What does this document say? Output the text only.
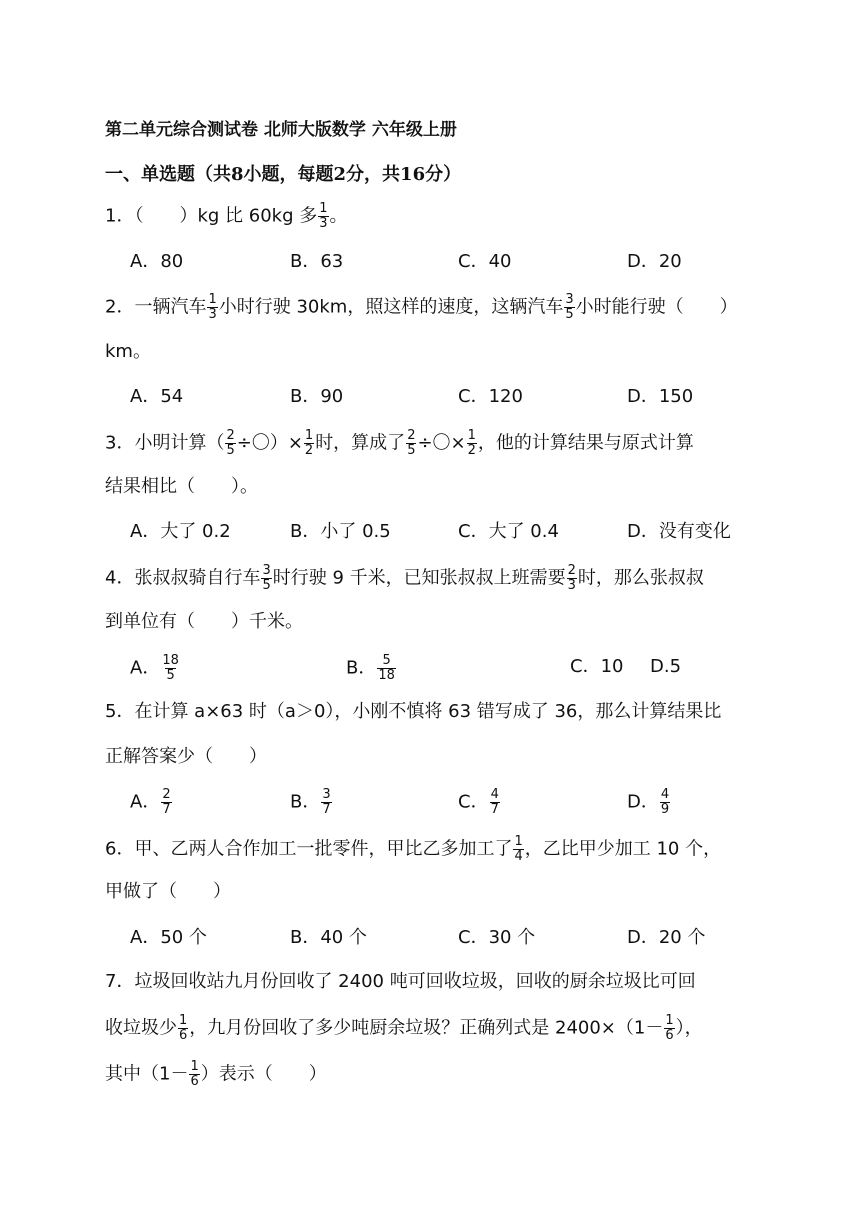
第二单元综合测试卷 北师大版数学 六年级上册
一、单选题（共8小题，每题2分，共16分）
1．（　　）kg 比 60kg 多 $\frac{1}{3}$ 。
A．80	B．63	C．40	D．20
2．一辆汽车 $\frac{1}{3}$ 小时行驶 30km，照这样的速度，这辆汽车 $\frac{3}{5}$ 小时能行驶（　　）
km。
A．54	B．90	C．120	D．150
3．小明计算（ $\frac{2}{5}$ ÷〇）× $\frac{1}{2}$ 时，算成了 $\frac{2}{5}$ ÷〇× $\frac{1}{2}$ ，他的计算结果与原式计算
结果相比（　　）。
A．大了 0.2	B．小了 0.5	C．大了 0.4	D．没有变化
4．张叔叔骑自行车 $\frac{3}{5}$ 时行驶 9 千米，已知张叔叔上班需要 $\frac{2}{3}$ 时，那么张叔叔
到单位有（　　）千米。
A． $\frac{18}{5}$	B． $\frac{5}{18}$	C．10 D.5
5．在计算 a×63 时（a＞0），小刚不慎将 63 错写成了 36，那么计算结果比
正解答案少（　　）
A． $\frac{2}{7}$	B． $\frac{3}{7}$	C． $\frac{4}{7}$	D． $\frac{4}{9}$
6．甲、乙两人合作加工一批零件，甲比乙多加工了 $\frac{1}{4}$ ，乙比甲少加工 10 个，
甲做了（　　）
A．50 个	B．40 个	C．30 个	D．20 个
7．垃圾回收站九月份回收了 2400 吨可回收垃圾，回收的厨余垃圾比可回
收垃圾少 $\frac{1}{6}$ ，九月份回收了多少吨厨余垃圾？正确列式是 $2400\times(1- \frac{1}{6}$ ），
其中（$1- \frac{1}{6}$ ）表示（　　）
